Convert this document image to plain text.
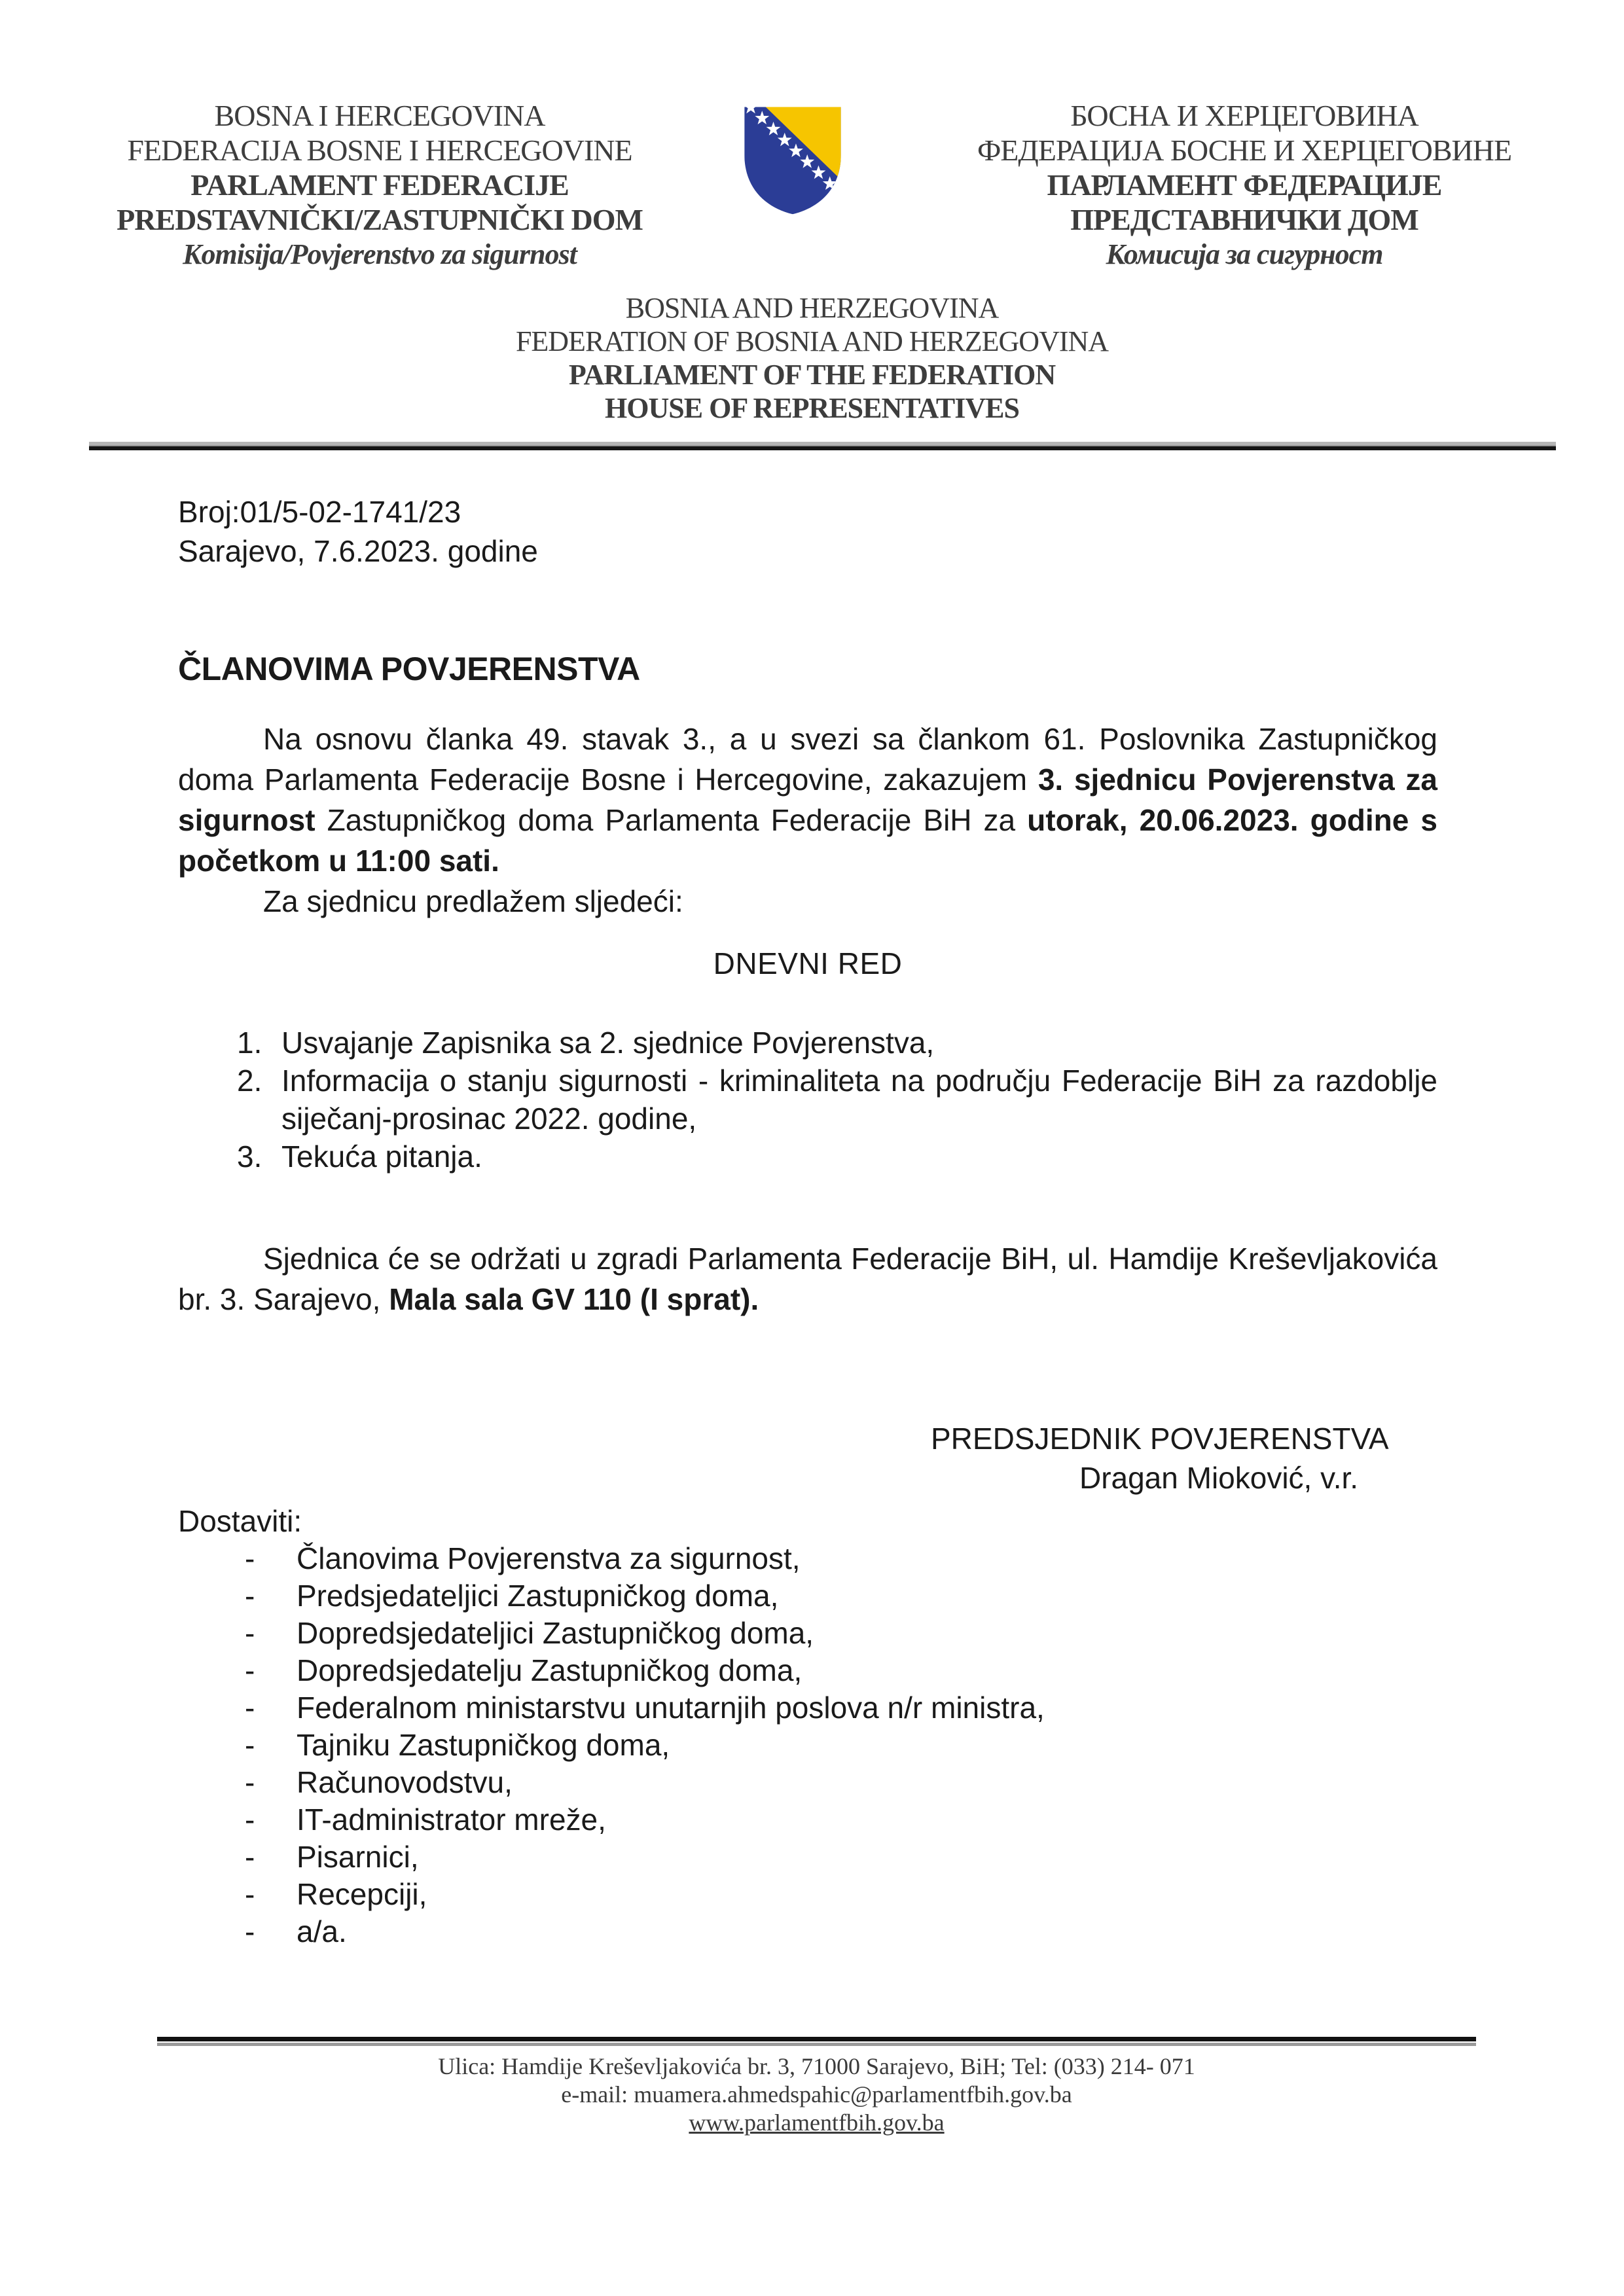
BOSNA I HERCEGOVINA
FEDERACIJA BOSNE I HERCEGOVINE
PARLAMENT FEDERACIJE
PREDSTAVNIČKI/ZASTUPNIČKI DOM
Komisija/Povjerenstvo za sigurnost
БОСНА И ХЕРЦЕГОВИНА
ФЕДЕРАЦИЈА БОСНЕ И ХЕРЦЕГОВИНЕ
ПАРЛАМЕНТ ФЕДЕРАЦИЈЕ
ПРЕДСТАВНИЧКИ ДОМ
Комисија за сигурност
BOSNIA AND HERZEGOVINA
FEDERATION OF BOSNIA AND HERZEGOVINA
PARLIAMENT OF THE FEDERATION
HOUSE OF REPRESENTATIVES
Broj:01/5-02-1741/23
Sarajevo, 7.6.2023. godine
ČLANOVIMA POVJERENSTVA

Na osnovu članka 49. stavak 3., a u svezi sa člankom 61. Poslovnika Zastupničkog doma Parlamenta Federacije Bosne i Hercegovine, zakazujem 3. sjednicu Povjerenstva za sigurnost Zastupničkog doma Parlamenta Federacije BiH za utorak, 20.06.2023. godine s početkom u 11:00 sati.

Za sjednicu predlažem sljedeći:

DNEVNI RED
1. Usvajanje Zapisnika sa 2. sjednice Povjerenstva,
2. Informacija o stanju sigurnosti - kriminaliteta na području Federacije BiH za razdoblje siječanj-prosinac 2022. godine,
3. Tekuća pitanja.

Sjednica će se održati u zgradi Parlamenta Federacije BiH, ul. Hamdije Kreševljakovića br. 3. Sarajevo, Mala sala GV 110 (I sprat).

PREDSJEDNIK POVJERENSTVA
Dragan Mioković, v.r.
Dostaviti:
-	Članovima Povjerenstva za sigurnost,
-	Predsjedateljici Zastupničkog doma,
-	Dopredsjedateljici Zastupničkog doma,
-	Dopredsjedatelju Zastupničkog doma,
-	Federalnom ministarstvu unutarnjih poslova n/r ministra,
-	Tajniku Zastupničkog doma,
-	Računovodstvu,
-	IT-administrator mreže,
-	Pisarnici,
-	Recepciji,
-	a/a.
Ulica: Hamdije Kreševljakovića br. 3, 71000 Sarajevo, BiH; Tel: (033) 214- 071
e-mail: muamera.ahmedspahic@parlamentfbih.gov.ba
www.parlamentfbih.gov.ba
